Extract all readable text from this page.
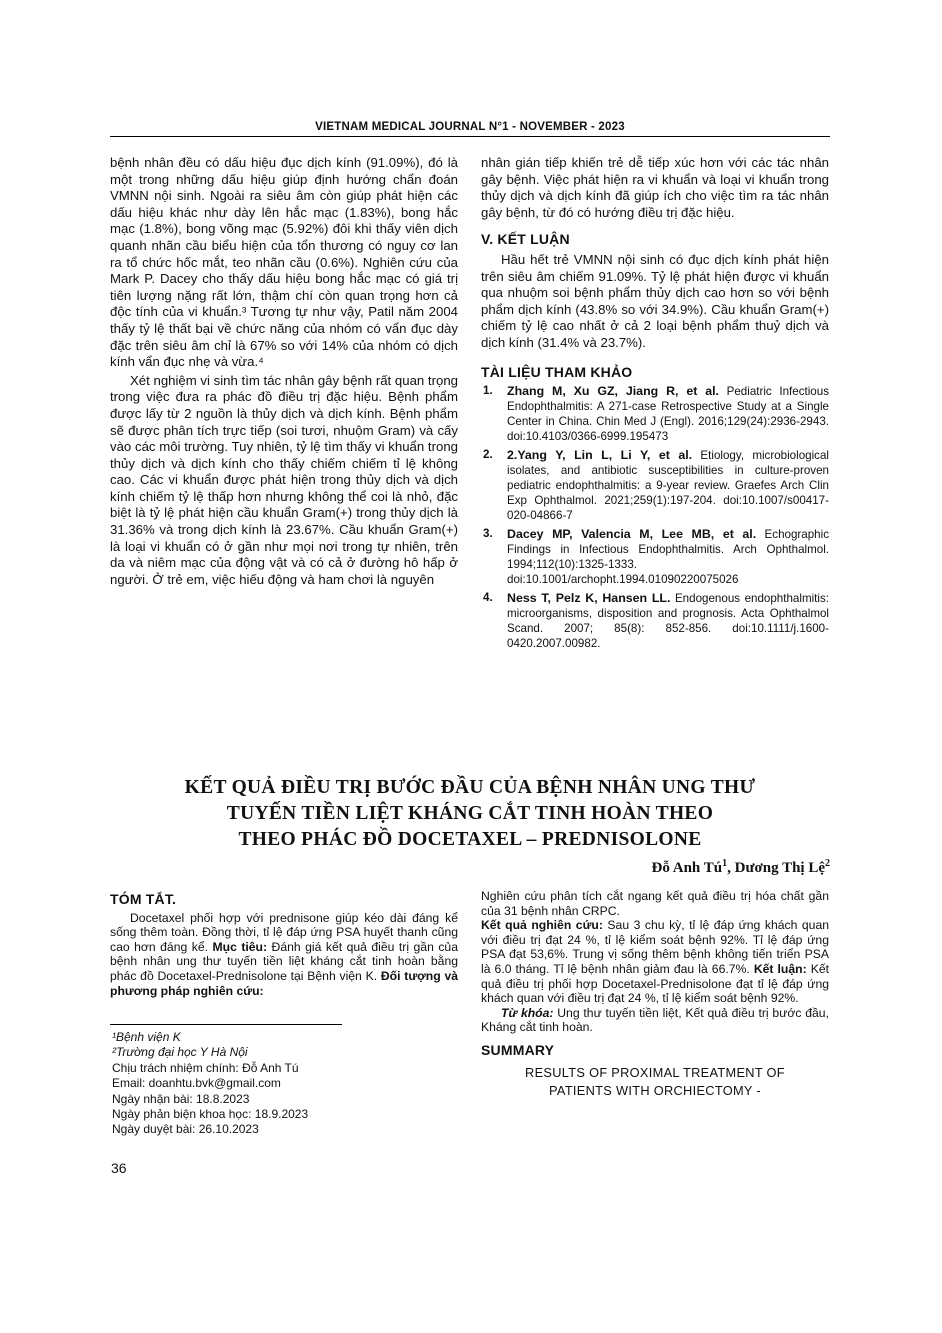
VIETNAM MEDICAL JOURNAL N°1 - NOVEMBER - 2023

bệnh nhân đều có dấu hiệu đục dịch kính (91.09%), đó là một trong những dấu hiệu giúp định hướng chẩn đoán VMNN nội sinh. Ngoài ra siêu âm còn giúp phát hiện các dấu hiệu khác như dày lên hắc mạc (1.83%), bong hắc mạc (1.8%), bong võng mạc (5.92%) đôi khi thấy viên dịch quanh nhãn cầu biểu hiện của tổn thương có nguy cơ lan ra tổ chức hốc mắt, teo nhãn cầu (0.6%). Nghiên cứu của Mark P. Dacey cho thấy dấu hiệu bong hắc mạc có giá trị tiên lượng nặng rất lớn, thậm chí còn quan trọng hơn cả độc tính của vi khuẩn.³ Tương tự như vậy, Patil năm 2004 thấy tỷ lệ thất bại về chức năng của nhóm có vẩn đục dày đặc trên siêu âm chỉ là 67% so với 14% của nhóm có dịch kính vẩn đục nhẹ và vừa.⁴

Xét nghiệm vi sinh tìm tác nhân gây bệnh rất quan trọng trong việc đưa ra phác đồ điều trị đặc hiệu. Bệnh phẩm được lấy từ 2 nguồn là thủy dịch và dịch kính. Bệnh phẩm sẽ được phân tích trực tiếp (soi tươi, nhuộm Gram) và cấy vào các môi trường. Tuy nhiên, tỷ lệ tìm thấy vi khuẩn trong thủy dịch và dịch kính cho thấy chiếm chiếm tỉ lệ không cao. Các vi khuẩn được phát hiện trong thủy dịch và dịch kính chiếm tỷ lệ thấp hơn nhưng không thể coi là nhỏ, đặc biệt là tỷ lệ phát hiện cầu khuẩn Gram(+) trong thủy dịch là 31.36% và trong dịch kính là 23.67%. Cầu khuẩn Gram(+) là loại vi khuẩn có ở gần như mọi nơi trong tự nhiên, trên da và niêm mạc của động vật và có cả ở đường hô hấp ở người. Ở trẻ em, việc hiếu động và ham chơi là nguyên

nhân gián tiếp khiến trẻ dễ tiếp xúc hơn với các tác nhân gây bệnh. Việc phát hiện ra vi khuẩn và loại vi khuẩn trong thủy dịch và dịch kính đã giúp ích cho việc tìm ra tác nhân gây bệnh, từ đó có hướng điều trị đặc hiệu.

V. KẾT LUẬN

Hầu hết trẻ VMNN nội sinh có đục dịch kính phát hiện trên siêu âm chiếm 91.09%. Tỷ lệ phát hiện được vi khuẩn qua nhuộm soi bệnh phẩm thủy dịch cao hơn so với bệnh phẩm dịch kính (43.8% so với 34.9%). Cầu khuẩn Gram(+) chiếm tỷ lệ cao nhất ở cả 2 loại bệnh phẩm thuỷ dịch và dịch kính (31.4% và 23.7%).

TÀI LIỆU THAM KHẢO

1. Zhang M, Xu GZ, Jiang R, et al. Pediatric Infectious Endophthalmitis: A 271-case Retrospective Study at a Single Center in China. Chin Med J (Engl). 2016;129(24):2936-2943. doi:10.4103/0366-6999.195473
2. 2.Yang Y, Lin L, Li Y, et al. Etiology, microbiological isolates, and antibiotic susceptibilities in culture-proven pediatric endophthalmitis: a 9-year review. Graefes Arch Clin Exp Ophthalmol. 2021;259(1):197-204. doi:10.1007/s00417-020-04866-7
3. Dacey MP, Valencia M, Lee MB, et al. Echographic Findings in Infectious Endophthalmitis. Arch Ophthalmol. 1994;112(10):1325-1333. doi:10.1001/archopht.1994.01090220075026
4. Ness T, Pelz K, Hansen LL. Endogenous endophthalmitis: microorganisms, disposition and prognosis. Acta Ophthalmol Scand. 2007; 85(8): 852-856. doi:10.1111/j.1600-0420.2007.00982.
KẾT QUẢ ĐIỀU TRỊ BƯỚC ĐẦU CỦA BỆNH NHÂN UNG THƯ
TUYẾN TIỀN LIỆT KHÁNG CẮT TINH HOÀN THEO
THEO PHÁC ĐỒ DOCETAXEL – PREDNISOLONE
Đỗ Anh $Tú^1$, Dương Thị Lệ$^2$

TÓM TẮT.

Docetaxel phối hợp với prednisone giúp kéo dài đáng kể sống thêm toàn. Đồng thời, tỉ lệ đáp ứng PSA huyết thanh cũng cao hơn đáng kể. Mục tiêu: Đánh giá kết quả điều trị gần của bệnh nhân ung thư tuyến tiền liệt kháng cắt tinh hoàn bằng phác đồ Docetaxel-Prednisolone tại Bệnh viện K. Đối tượng và phương pháp nghiên cứu:

Nghiên cứu phân tích cắt ngang kết quả điều trị hóa chất gần của 31 bệnh nhân CRPC.

Kết quả nghiên cứu: Sau 3 chu kỳ, tỉ lệ đáp ứng khách quan với điều trị đạt 24 %, tỉ lệ kiểm soát bệnh 92%. Tỉ lệ đáp ứng PSA đạt 53,6%. Trung vị sống thêm bệnh không tiến triển PSA là 6.0 tháng. Tỉ lệ bệnh nhân giảm đau là 66.7%. Kết luận: Kết quả điều trị phối hợp Docetaxel-Prednisolone đạt tỉ lệ đáp ứng khách quan với điều trị đạt 24 %, tỉ lệ kiểm soát bệnh 92%.

Từ khóa: Ung thư tuyến tiền liệt, Kết quả điều trị bước đầu, Kháng cắt tinh hoàn.

SUMMARY

RESULTS OF PROXIMAL TREATMENT OF
PATIENTS WITH ORCHIECTOMY -

¹Bệnh viện K

²Trường đại học Y Hà Nội

Chịu trách nhiệm chính: Đỗ Anh Tú

Email: doanhtu.bvk@gmail.com

Ngày nhận bài: 18.8.2023

Ngày phản biện khoa học: 18.9.2023

Ngày duyệt bài: 26.10.2023

36
